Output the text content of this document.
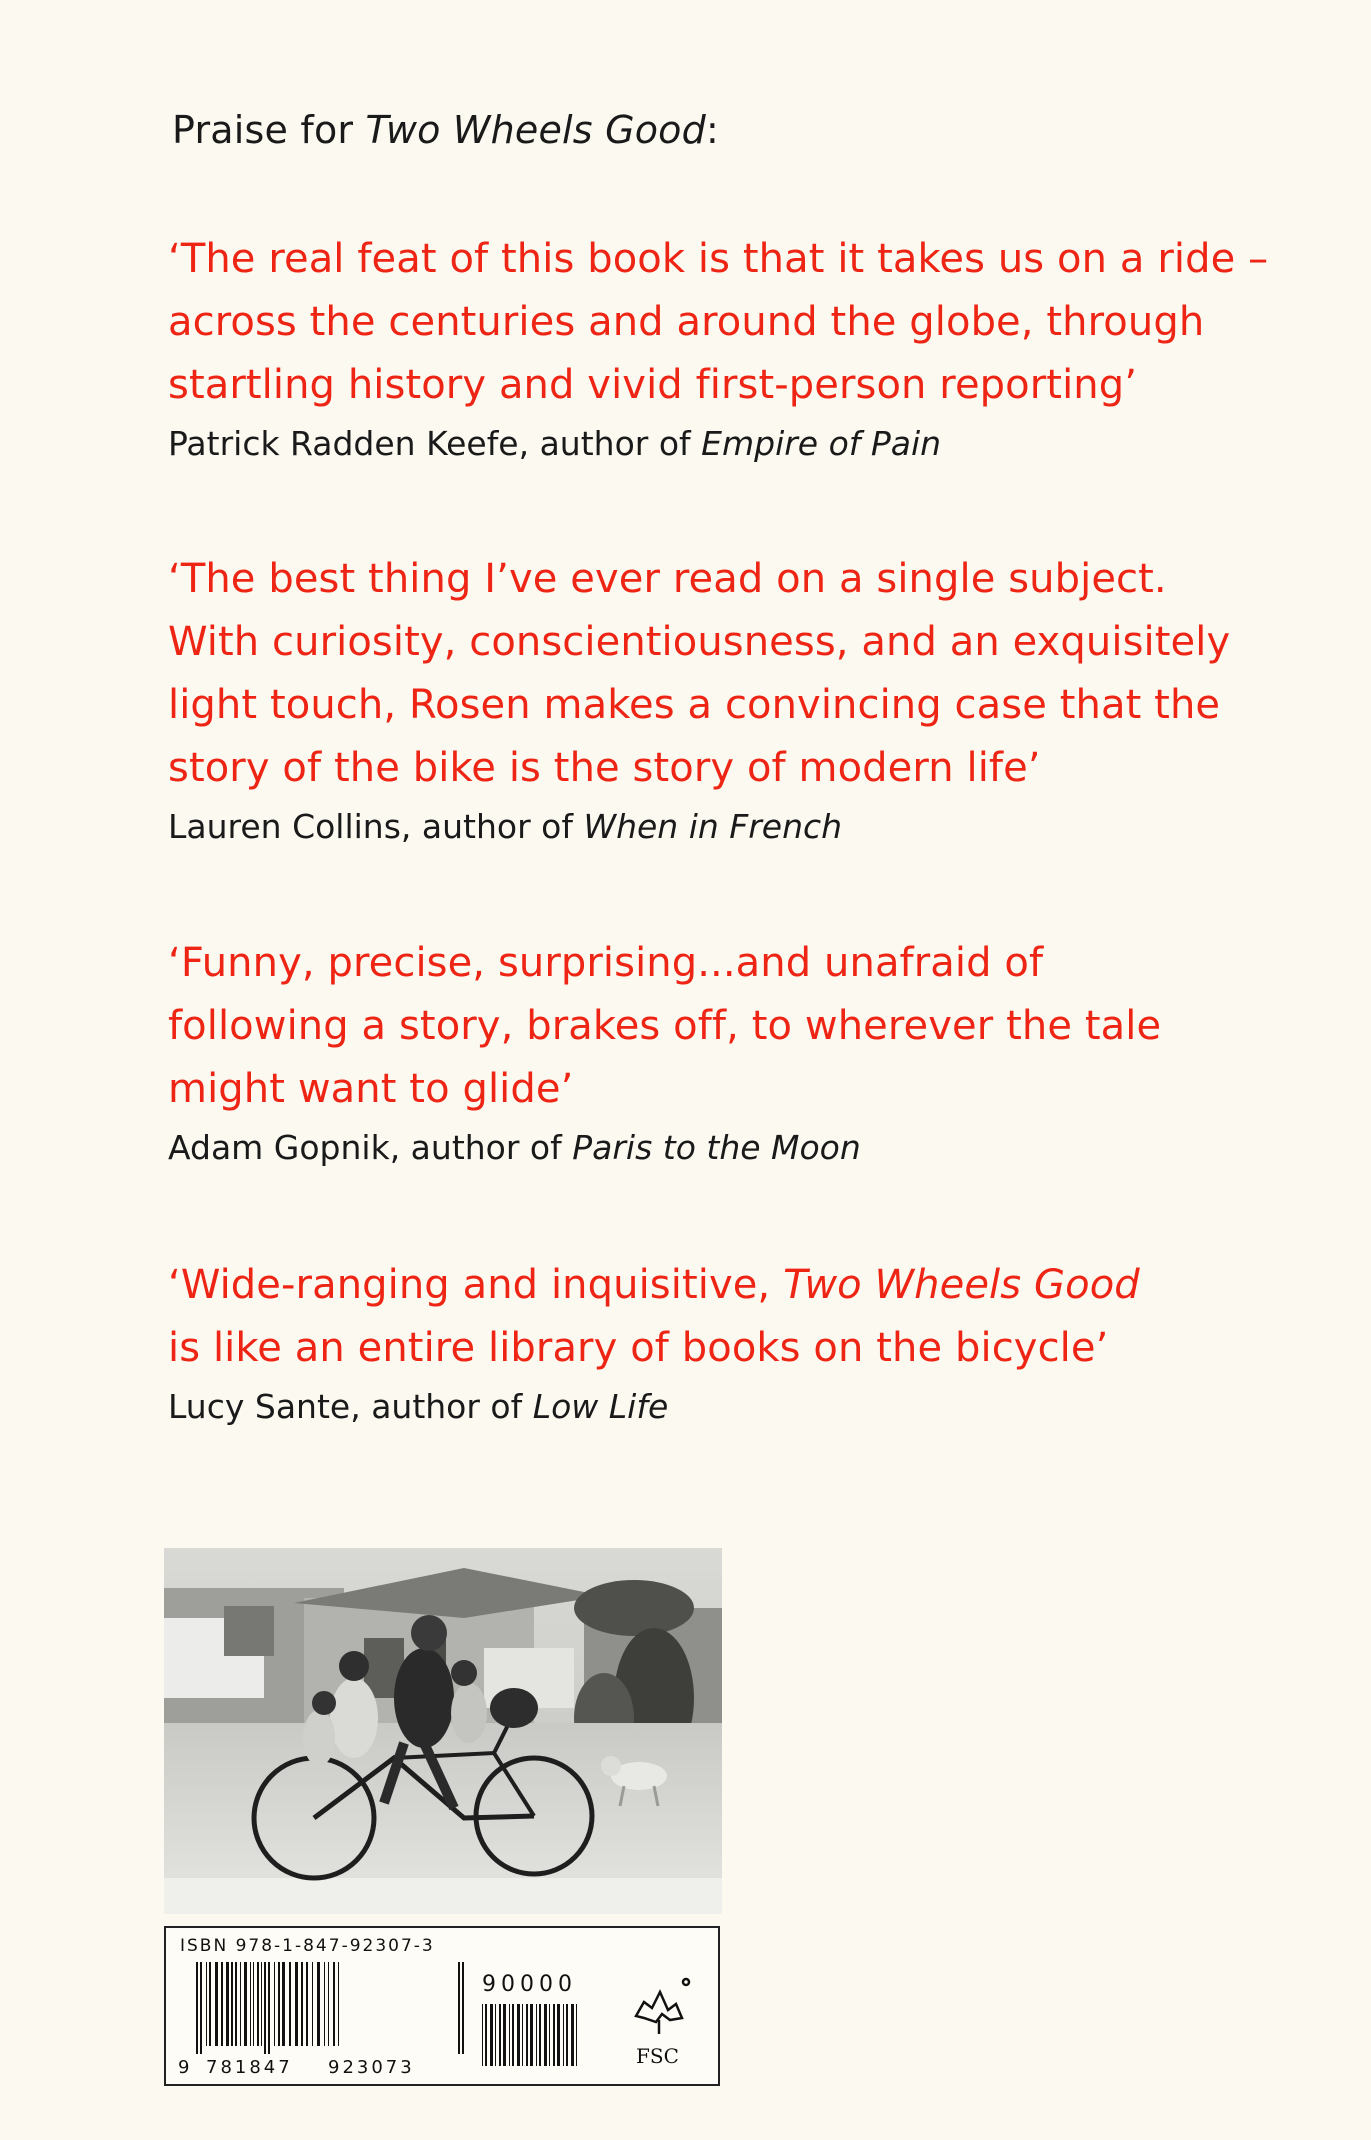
Praise for Two Wheels Good:

‘The real feat of this book is that it takes us on a ride –
across the centuries and around the globe, through
startling history and vivid first-person reporting’

Patrick Radden Keefe, author of Empire of Pain

‘The best thing I’ve ever read on a single subject.
With curiosity, conscientiousness, and an exquisitely
light touch, Rosen makes a convincing case that the
story of the bike is the story of modern life’

Lauren Collins, author of When in French

‘Funny, precise, surprising...and unafraid of
following a story, brakes off, to wherever the tale
might want to glide’

Adam Gopnik, author of Paris to the Moon

‘Wide-ranging and inquisitive, Two Wheels Good
is like an entire library of books on the bicycle’

Lucy Sante, author of Low Life
ISBN 978-1-847-92307-3
90000
9 781847 923073	FSC
